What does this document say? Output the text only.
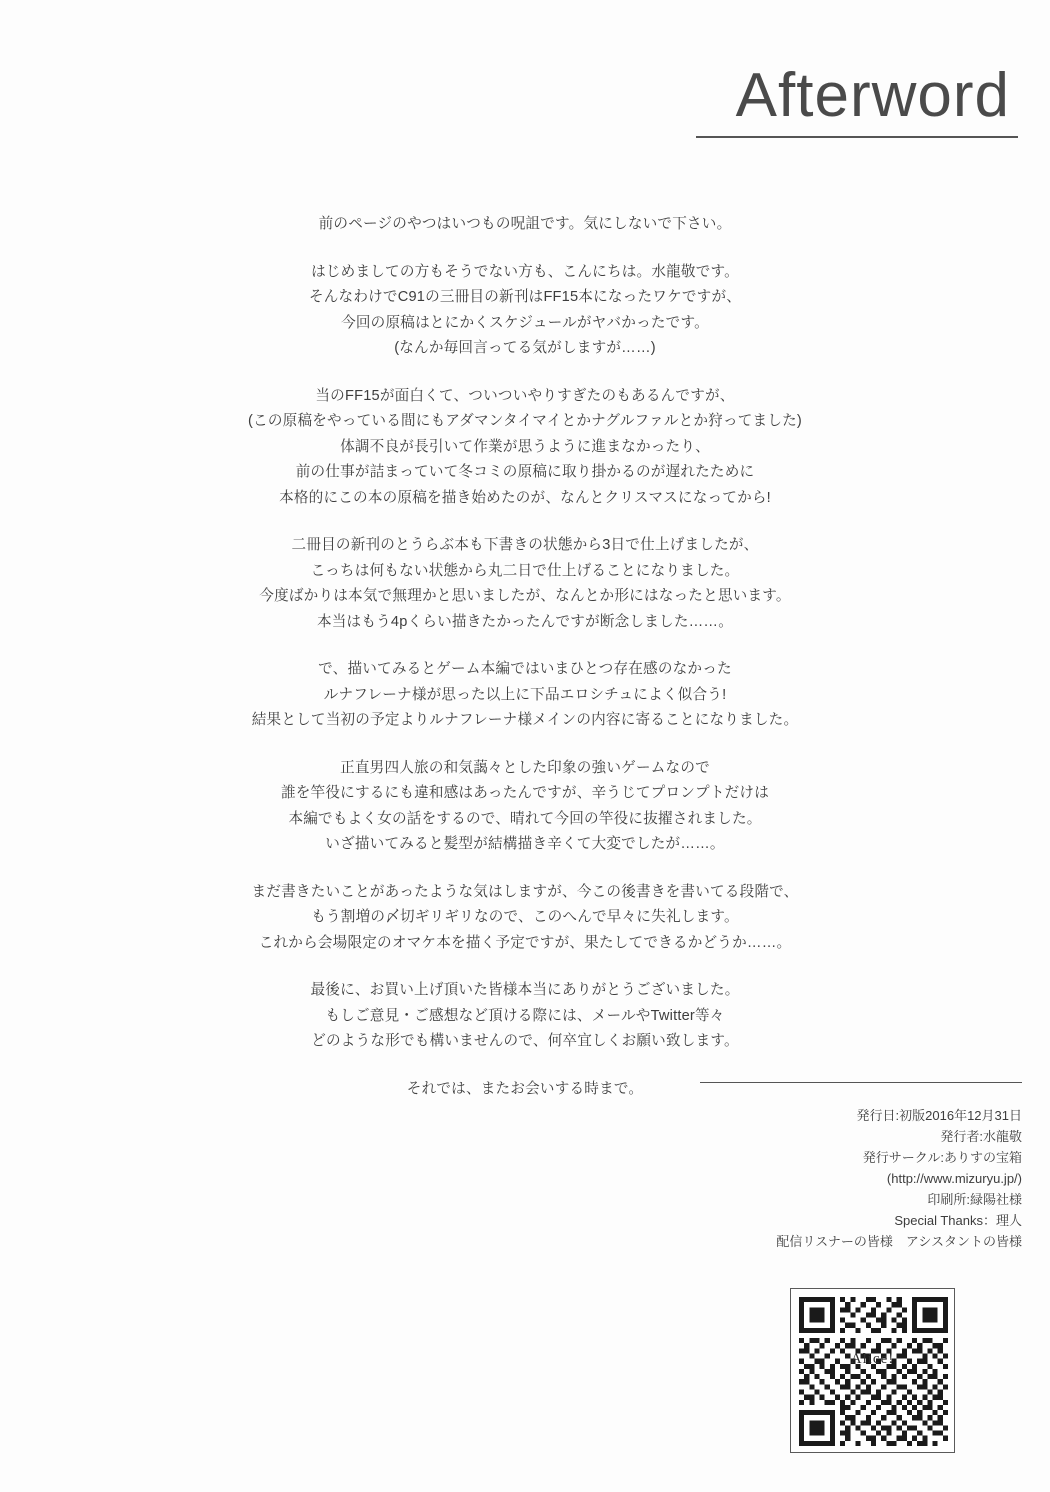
Afterword
前のページのやつはいつもの呪詛です。気にしないで下さい。
はじめましての方もそうでない方も、こんにちは。水龍敬です。
そんなわけでC91の三冊目の新刊はFF15本になったワケですが、
今回の原稿はとにかくスケジュールがヤバかったです。
(なんか毎回言ってる気がしますが……)
当のFF15が面白くて、ついついやりすぎたのもあるんですが、
(この原稿をやっている間にもアダマンタイマイとかナグルファルとか狩ってました)
体調不良が長引いて作業が思うように進まなかったり、
前の仕事が詰まっていて冬コミの原稿に取り掛かるのが遅れたために
本格的にこの本の原稿を描き始めたのが、なんとクリスマスになってから!
二冊目の新刊のとうらぶ本も下書きの状態から3日で仕上げましたが、
こっちは何もない状態から丸二日で仕上げることになりました。
今度ばかりは本気で無理かと思いましたが、なんとか形にはなったと思います。
本当はもう4pくらい描きたかったんですが断念しました……。
で、描いてみるとゲーム本編ではいまひとつ存在感のなかった
ルナフレーナ様が思った以上に下品エロシチュによく似合う!
結果として当初の予定よりルナフレーナ様メインの内容に寄ることになりました。
正直男四人旅の和気藹々とした印象の強いゲームなので
誰を竿役にするにも違和感はあったんですが、辛うじてプロンプトだけは
本編でもよく女の話をするので、晴れて今回の竿役に抜擢されました。
いざ描いてみると髪型が結構描き辛くて大変でしたが……。
まだ書きたいことがあったような気はしますが、今この後書きを書いてる段階で、
もう割増の〆切ギリギリなので、このへんで早々に失礼します。
これから会場限定のオマケ本を描く予定ですが、果たしてできるかどうか……。
最後に、お買い上げ頂いた皆様本当にありがとうございました。
もしご意見・ご感想など頂ける際には、メールやTwitter等々
どのような形でも構いませんので、何卒宜しくお願い致します。
それでは、またお会いする時まで。
発行日:初版2016年12月31日
発行者:水龍敬
発行サークル:ありすの宝箱
(http://www.mizuryu.jp/)
印刷所:緑陽社様
Special Thanks：理人
配信リスナーの皆様　アシスタントの皆様
Alice!
